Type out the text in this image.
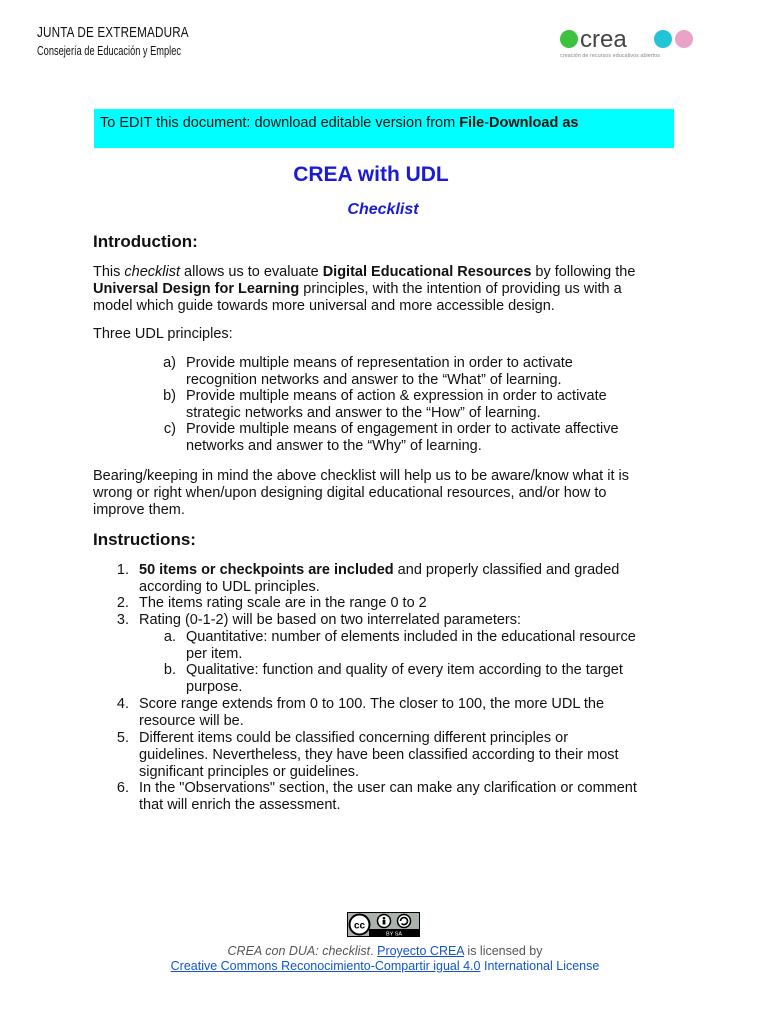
JUNTA DE EXTREMADURA
Consejería de Educación y Emplec	crea
creación de recursos educativos abiertos
To EDIT this document: download editable version from File-Download as
CREA with UDL
Checklist
Introduction:
This checklist allows us to evaluate Digital Educational Resources by following the
Universal Design for Learning principles, with the intention of providing us with a
model which guide towards more universal and more accessible design.
Three UDL principles:
a) Provide multiple means of representation in order to activate
recognition networks and answer to the “What” of learning.
b) Provide multiple means of action & expression in order to activate
strategic networks and answer to the “How” of learning.
c) Provide multiple means of engagement in order to activate affective
networks and answer to the “Why” of learning.
Bearing/keeping in mind the above checklist will help us to be aware/know what it is
wrong or right when/upon designing digital educational resources, and/or how to
improve them.
Instructions:
1. 50 items or checkpoints are included and properly classified and graded
according to UDL principles.
2. The items rating scale are in the range 0 to 2
3. Rating (0-1-2) will be based on two interrelated parameters:
a. Quantitative: number of elements included in the educational resource
per item.
b. Qualitative: function and quality of every item according to the target
purpose.
4. Score range extends from 0 to 100. The closer to 100, the more UDL the
resource will be.
5. Different items could be classified concerning different principles or
guidelines. Nevertheless, they have been classified according to their most
significant principles or guidelines.
6. In the "Observations" section, the user can make any clarification or comment
that will enrich the assessment.
cc
BY SA
CREA con DUA: checklist. Proyecto CREA is licensed by
Creative Commons Reconocimiento-Compartir igual 4.0 International License
